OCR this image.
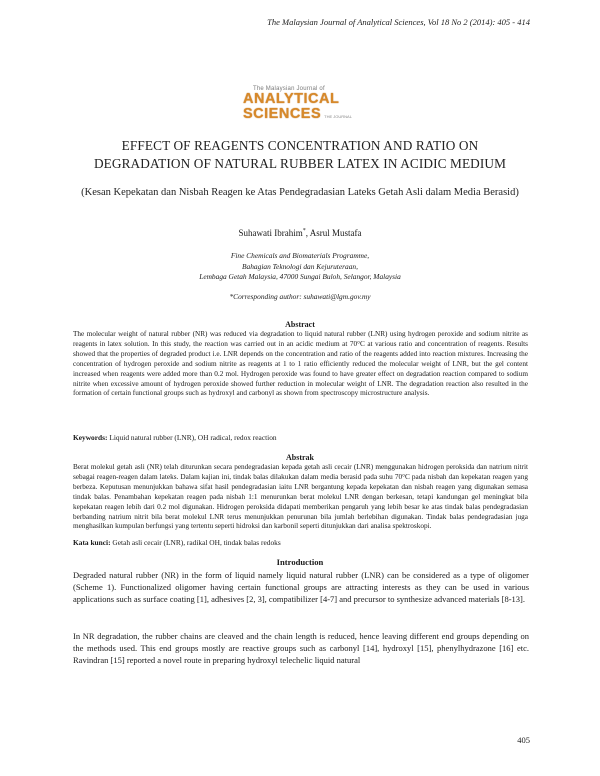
The Malaysian Journal of Analytical Sciences, Vol 18 No 2 (2014): 405 - 414
The Malaysian Journal of
ANALYTICAL
SCIENCES THE JOURNAL
EFFECT OF REAGENTS CONCENTRATION AND RATIO ON
DEGRADATION OF NATURAL RUBBER LATEX IN ACIDIC MEDIUM
(Kesan Kepekatan dan Nisbah Reagen ke Atas Pendegradasian Lateks Getah Asli dalam Media Berasid)
Suhawati Ibrahim*, Asrul Mustafa
Fine Chemicals and Biomaterials Programme,
Bahagian Teknologi dan Kejuruteraan,
Lembaga Getah Malaysia, 47000 Sungai Buloh, Selangor, Malaysia
*Corresponding author: suhawati@lgm.gov.my
Abstract

The molecular weight of natural rubber (NR) was reduced via degradation to liquid natural rubber (LNR) using hydrogen peroxide and sodium nitrite as reagents in latex solution. In this study, the reaction was carried out in an acidic medium at 70°C at various ratio and concentration of reagents. Results showed that the properties of degraded product i.e. LNR depends on the concentration and ratio of the reagents added into reaction mixtures. Increasing the concentration of hydrogen peroxide and sodium nitrite as reagents at 1 to 1 ratio efficiently reduced the molecular weight of LNR, but the gel content increased when reagents were added more than 0.2 mol. Hydrogen peroxide was found to have greater effect on degradation reaction compared to sodium nitrite when excessive amount of hydrogen peroxide showed further reduction in molecular weight of LNR. The degradation reaction also resulted in the formation of certain functional groups such as hydroxyl and carbonyl as shown from spectroscopy microstructure analysis.

Keywords: Liquid natural rubber (LNR), OH radical, redox reaction
Abstrak

Berat molekul getah asli (NR) telah diturunkan secara pendegradasian kepada getah asli cecair (LNR) menggunakan hidrogen peroksida dan natrium nitrit sebagai reagen-reagen dalam lateks. Dalam kajian ini, tindak balas dilakukan dalam media berasid pada suhu 70°C pada nisbah dan kepekatan reagen yang berbeza. Keputusan menunjukkan bahawa sifat hasil pendegradasian iaitu LNR bergantung kepada kepekatan dan nisbah reagen yang digunakan semasa tindak balas. Penambahan kepekatan reagen pada nisbah 1:1 menurunkan berat molekul LNR dengan berkesan, tetapi kandungan gel meningkat bila kepekatan reagen lebih dari 0.2 mol digunakan. Hidrogen peroksida didapati memberikan pengaruh yang lebih besar ke atas tindak balas pendegradasian berbanding natrium nitrit bila berat molekul LNR terus menunjukkan penurunan bila jumlah berlebihan digunakan. Tindak balas pendegradasian juga menghasilkan kumpulan berfungsi yang tertentu seperti hidroksi dan karbonil seperti ditunjukkan dari analisa spektroskopi.

Kata kunci: Getah asli cecair (LNR), radikal OH, tindak balas redoks
Introduction

Degraded natural rubber (NR) in the form of liquid namely liquid natural rubber (LNR) can be considered as a type of oligomer (Scheme 1). Functionalized oligomer having certain functional groups are attracting interests as they can be used in various applications such as surface coating [1], adhesives [2, 3], compatibilizer [4-7] and precursor to synthesize advanced materials [8-13].

In NR degradation, the rubber chains are cleaved and the chain length is reduced, hence leaving different end groups depending on the methods used. This end groups mostly are reactive groups such as carbonyl [14], hydroxyl [15], phenylhydrazone [16] etc. Ravindran [15] reported a novel route in preparing hydroxyl telechelic liquid natural

405
